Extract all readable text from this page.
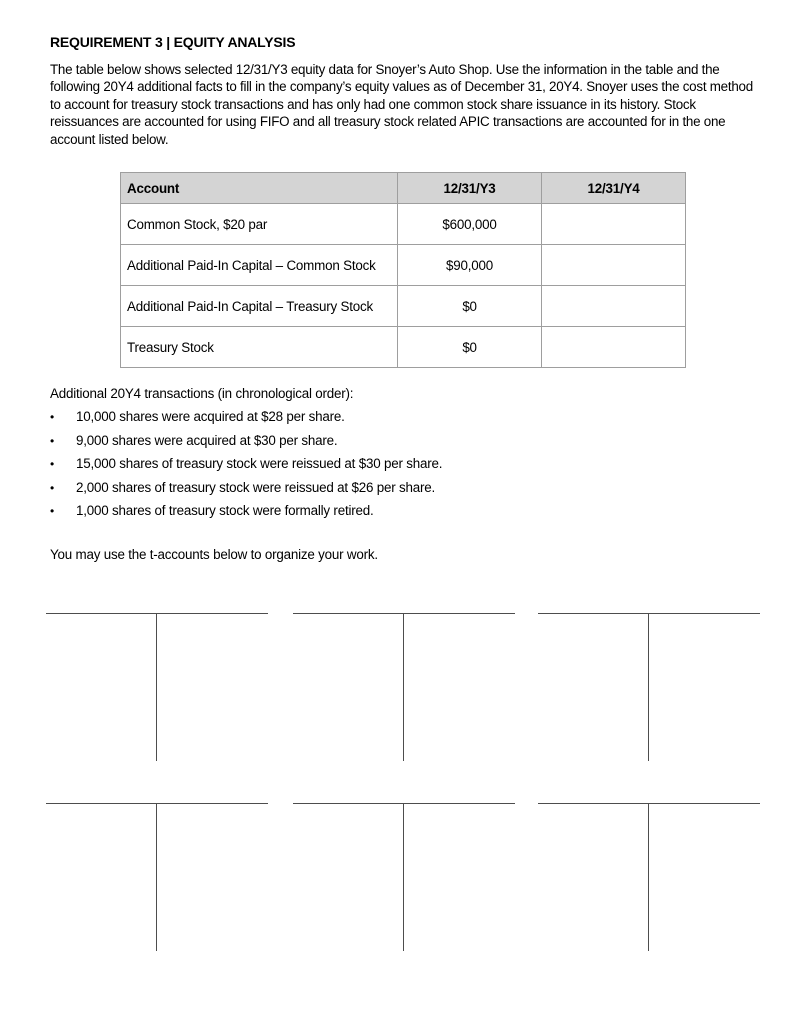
REQUIREMENT 3 | EQUITY ANALYSIS

The table below shows selected 12/31/Y3 equity data for Snoyer’s Auto Shop. Use the information in the table and the following 20Y4 additional facts to fill in the company’s equity values as of December 31, 20Y4. Snoyer uses the cost method to account for treasury stock transactions and has only had one common stock share issuance in its history. Stock reissuances are accounted for using FIFO and all treasury stock related APIC transactions are accounted for in the one account listed below.

Account	12/31/Y3	12/31/Y4
Common Stock, $20 par	$600,000	
Additional Paid-In Capital – Common Stock	$90,000	
Additional Paid-In Capital – Treasury Stock	$0	
Treasury Stock	$0	
Additional 20Y4 transactions (in chronological order):
• 10,000 shares were acquired at $28 per share.
• 9,000 shares were acquired at $30 per share.
• 15,000 shares of treasury stock were reissued at $30 per share.
• 2,000 shares of treasury stock were reissued at $26 per share.
• 1,000 shares of treasury stock were formally retired.
You may use the t-accounts below to organize your work.
